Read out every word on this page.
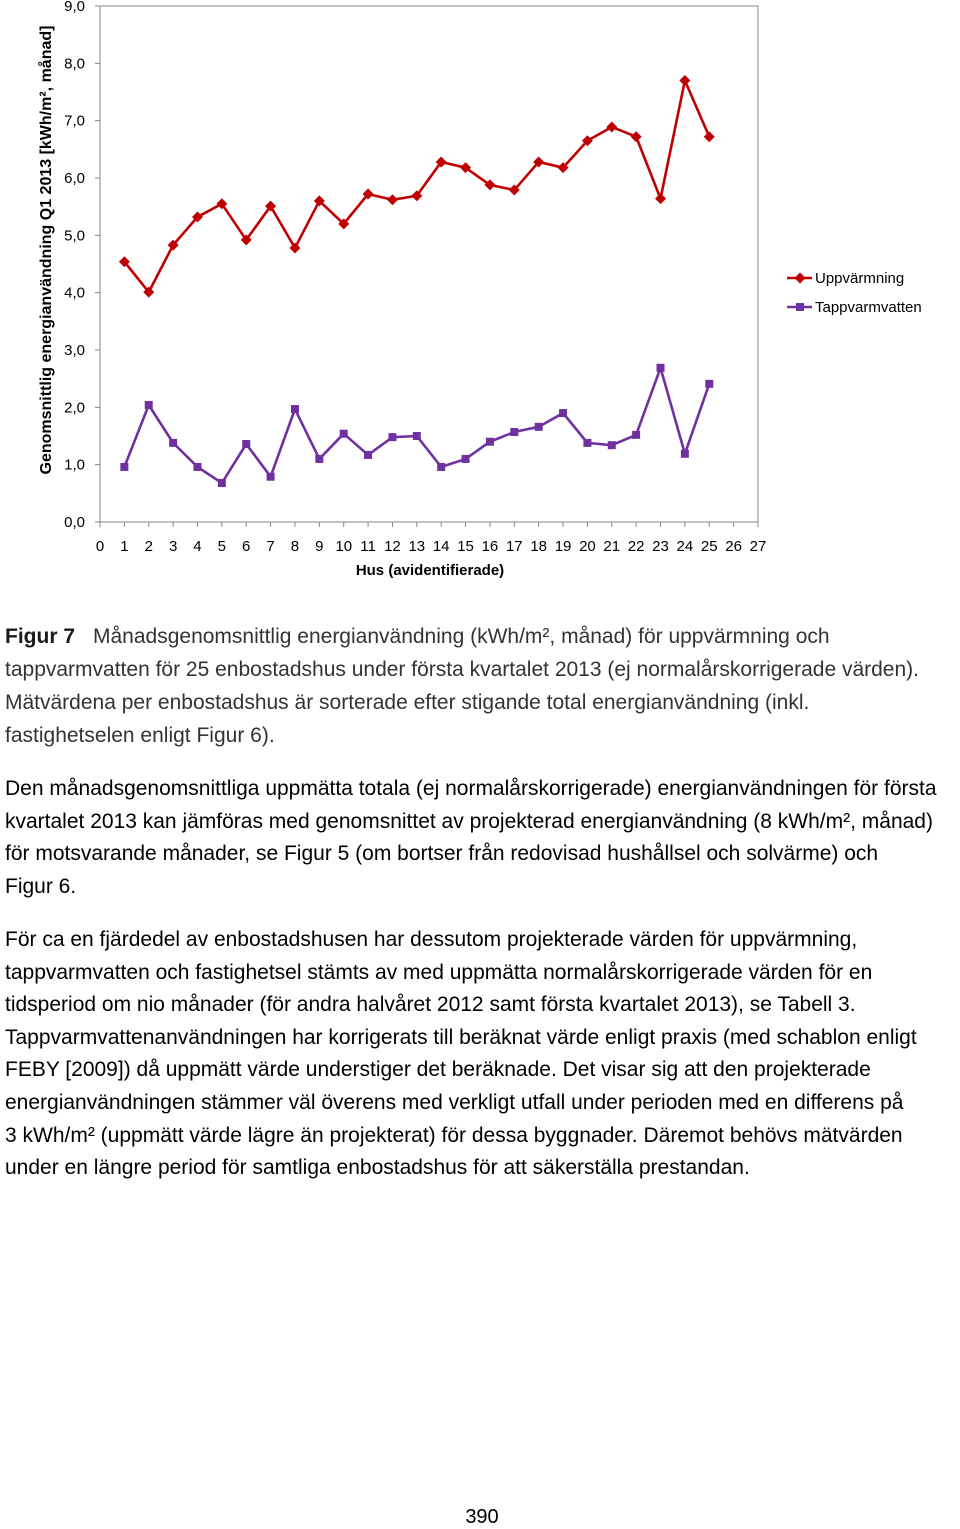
0,0
1,0
2,0
3,0
4,0
5,0
6,0
7,0
8,0
9,0
0 1 2 3 4 5 6 7 8 9 10 11 12 13 14 15 16 17 18 19 20 21 22 23 24 25 26 27
Uppvärmning
Tappvarmvatten
Genomsnittlig energianvändning Q1 2013 [kWh/m², månad]
Hus (avidentifierade)
Figur 7 Månadsgenomsnittlig energianvändning (kWh/m², månad) för uppvärmning och
tappvarmvatten för 25 enbostadshus under första kvartalet 2013 (ej normalårskorrigerade värden).
Mätvärdena per enbostadshus är sorterade efter stigande total energianvändning (inkl.
fastighetselen enligt Figur 6).
Den månadsgenomsnittliga uppmätta totala (ej normalårskorrigerade) energianvändningen för första
kvartalet 2013 kan jämföras med genomsnittet av projekterad energianvändning (8 kWh/m², månad)
för motsvarande månader, se Figur 5 (om bortser från redovisad hushållsel och solvärme) och
Figur 6.
För ca en fjärdedel av enbostadshusen har dessutom projekterade värden för uppvärmning,
tappvarmvatten och fastighetsel stämts av med uppmätta normalårskorrigerade värden för en
tidsperiod om nio månader (för andra halvåret 2012 samt första kvartalet 2013), se Tabell 3.
Tappvarmvattenanvändningen har korrigerats till beräknat värde enligt praxis (med schablon enligt
FEBY [2009]) då uppmätt värde understiger det beräknade. Det visar sig att den projekterade
energianvändningen stämmer väl överens med verkligt utfall under perioden med en differens på
3 kWh/m² (uppmätt värde lägre än projekterat) för dessa byggnader. Däremot behövs mätvärden
under en längre period för samtliga enbostadshus för att säkerställa prestandan.
390
